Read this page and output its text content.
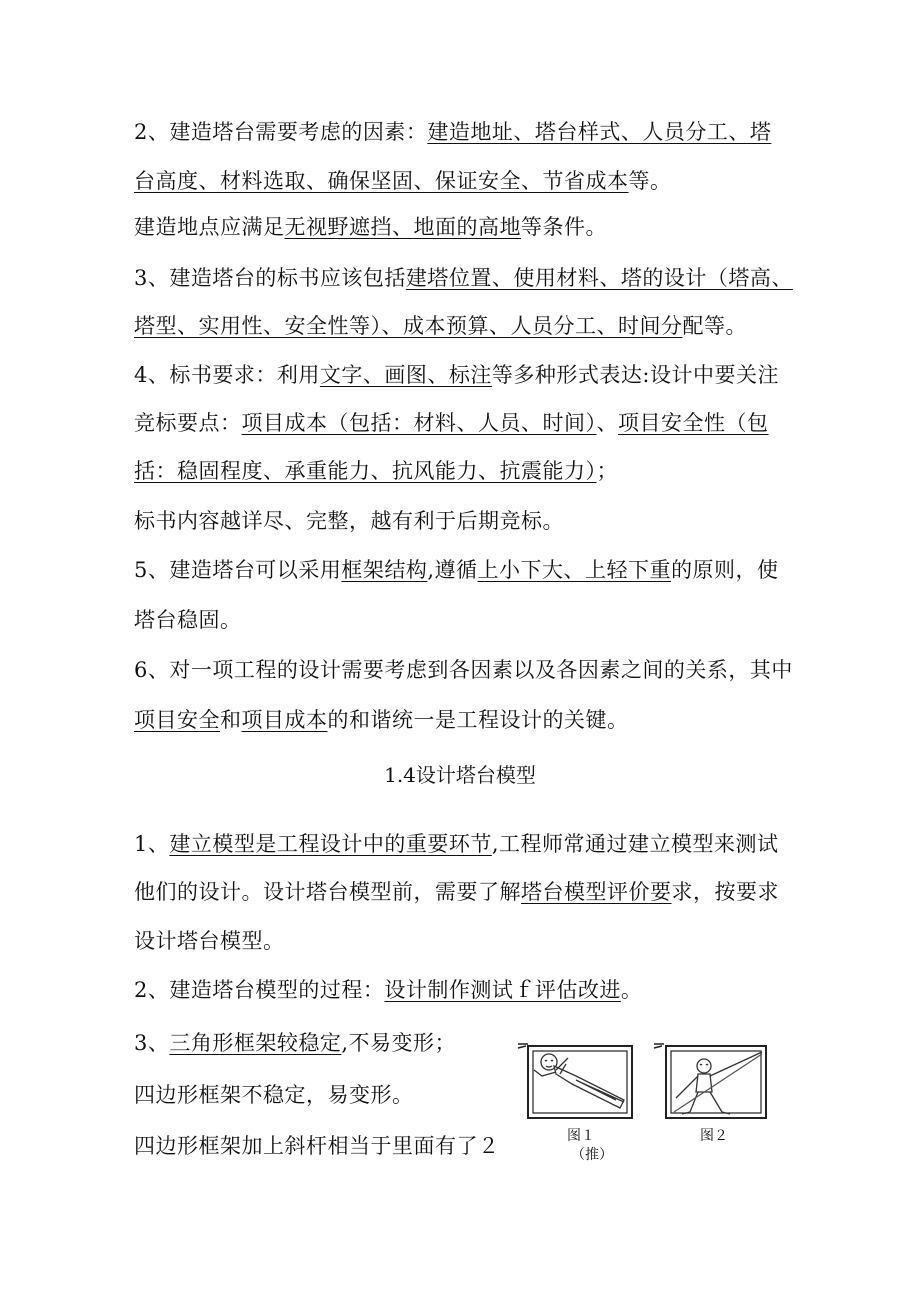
2、建造塔台需要考虑的因素：建造地址、塔台样式、人员分工、塔
台高度、材料选取、确保坚固、保证安全、节省成本等。
建造地点应满足无视野遮挡、地面的高地等条件。
3、建造塔台的标书应该包括建塔位置、使用材料、塔的设计（塔高、
塔型、实用性、安全性等）、成本预算、人员分工、时间分配等。
4、标书要求：利用文字、画图、标注等多种形式表达:设计中要关注
竞标要点：项目成本（包括：材料、人员、时间）、项目安全性（包
括：稳固程度、承重能力、抗风能力、抗震能力）；
标书内容越详尽、完整，越有利于后期竞标。
5、建造塔台可以采用框架结构,遵循上小下大、上轻下重的原则，使
塔台稳固。
6、对一项工程的设计需要考虑到各因素以及各因素之间的关系，其中
项目安全和项目成本的和谐统一是工程设计的关键。
1.4设计塔台模型
1、建立模型是工程设计中的重要环节,工程师常通过建立模型来测试
他们的设计。设计塔台模型前，需要了解塔台模型评价要求，按要求
设计塔台模型。
2、建造塔台模型的过程：设计制作测试ｆ评估改进。
3、三角形框架较稳定,不易变形；
四边形框架不稳定，易变形。
四边形框架加上斜杆相当于里面有了２	图１
（推）
图２
